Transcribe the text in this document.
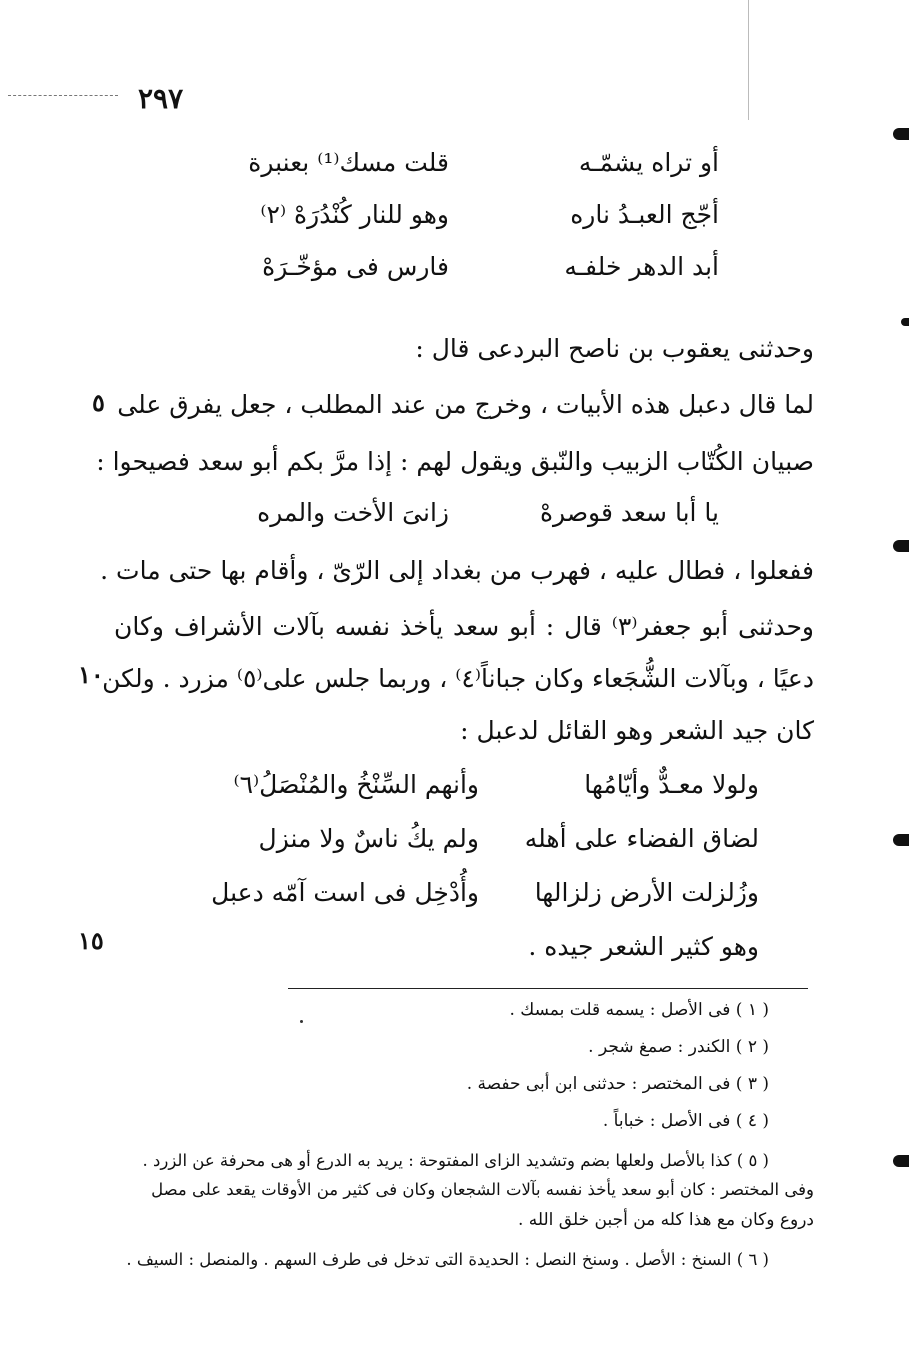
٢٩٧
أو تراه يشمّـه
قلت مسك⁽¹⁾ بعنبرة
أجّج العبـدُ ناره
وهو للنار كُنْدُرَهْ ⁽٢⁾
أبد الدهر خلفـه
فارس فى مؤخّـرَهْ
وحدثنى يعقوب بن ناصح البردعى قال :
لما قال دعبل هذه الأبيات ، وخرج من عند المطلب ، جعل يفرق على
٥
صبيان الكُتّاب الزبيب والنّبق ويقول لهم : إذا مرَّ بكم أبو سعد فصيحوا :
يا أبا سعد قوصرهْ
زانىَ الأخت والمره
ففعلوا ، فطال عليه ، فهرب من بغداد إلى الرّىّ ، وأقام بها حتى مات .
وحدثنى أبو جعفر⁽٣⁾ قال : أبو سعد يأخذ نفسه بآلات الأشراف وكان
دعيًا ، وبآلات الشُّجَعاء وكان جباناً⁽٤⁾ ، وربما جلس على⁽٥⁾ مزرد . ولكن
١٠
كان جيد الشعر وهو القائل لدعبل :
ولولا معـدٌّ وأيّامُها
وأنهم السِّنْخُ والمُنْصَلُ⁽٦⁾
لضاق الفضاء على أهله
ولم يكُ ناسٌ ولا منزل
وزُلزلت الأرض زلزالها
وأُدْخِل فى است آمّه دعبل
١٥	وهو كثير الشعر جيده .
( ١ ) فى الأصل : يسمه قلت بمسك .
( ٢ ) الكندر : صمغ شجر .
( ٣ ) فى المختصر : حدثنى ابن أبى حفصة .
( ٤ ) فى الأصل : خباباً .
( ٥ ) كذا بالأصل ولعلها بضم وتشديد الزاى المفتوحة : يريد به الدرع أو هى محرفة عن الزرد .
وفى المختصر : كان أبو سعد يأخذ نفسه بآلات الشجعان وكان فى كثير من الأوقات يقعد على مصل
دروع وكان مع هذا كله من أجبن خلق الله .
( ٦ ) السنخ : الأصل . وسنخ النصل : الحديدة التى تدخل فى طرف السهم . والمنصل : السيف .
